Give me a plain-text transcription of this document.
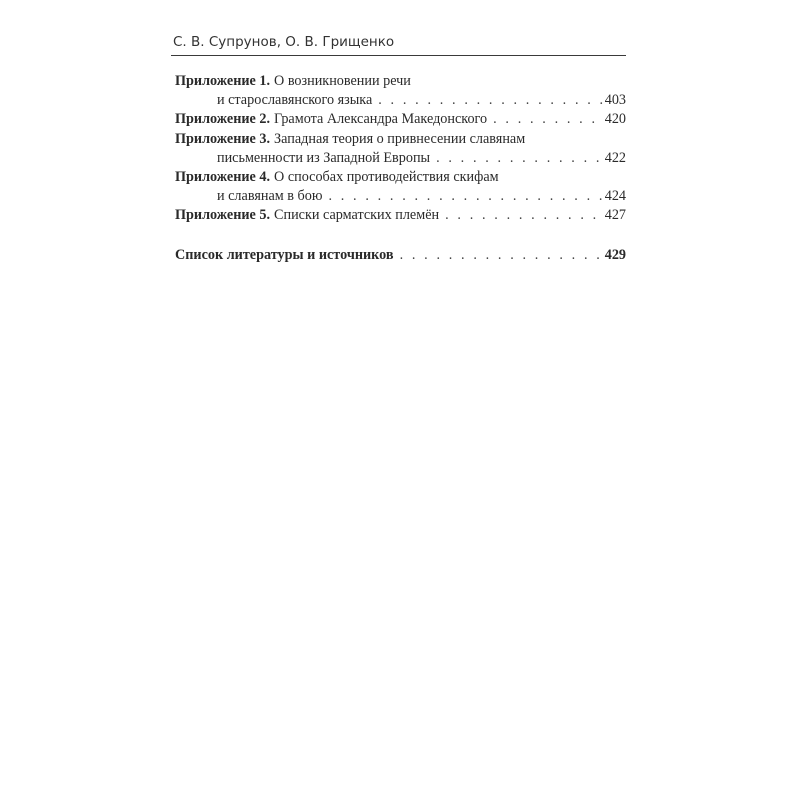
С. В. Супрунов, О. В. Грищенко
Приложение 1. О возникновении речи
и старославянского языка . . .	403
Приложение 2. Грамота Александра Македонского . . .	420
Приложение 3. Западная теория о привнесении славянам
письменности из Западной Европы . . .	422
Приложение 4. О способах противодействия скифам
и славянам в бою . . .	424
Приложение 5. Списки сарматских племён . . .	427
Список литературы и источников . . .	429
